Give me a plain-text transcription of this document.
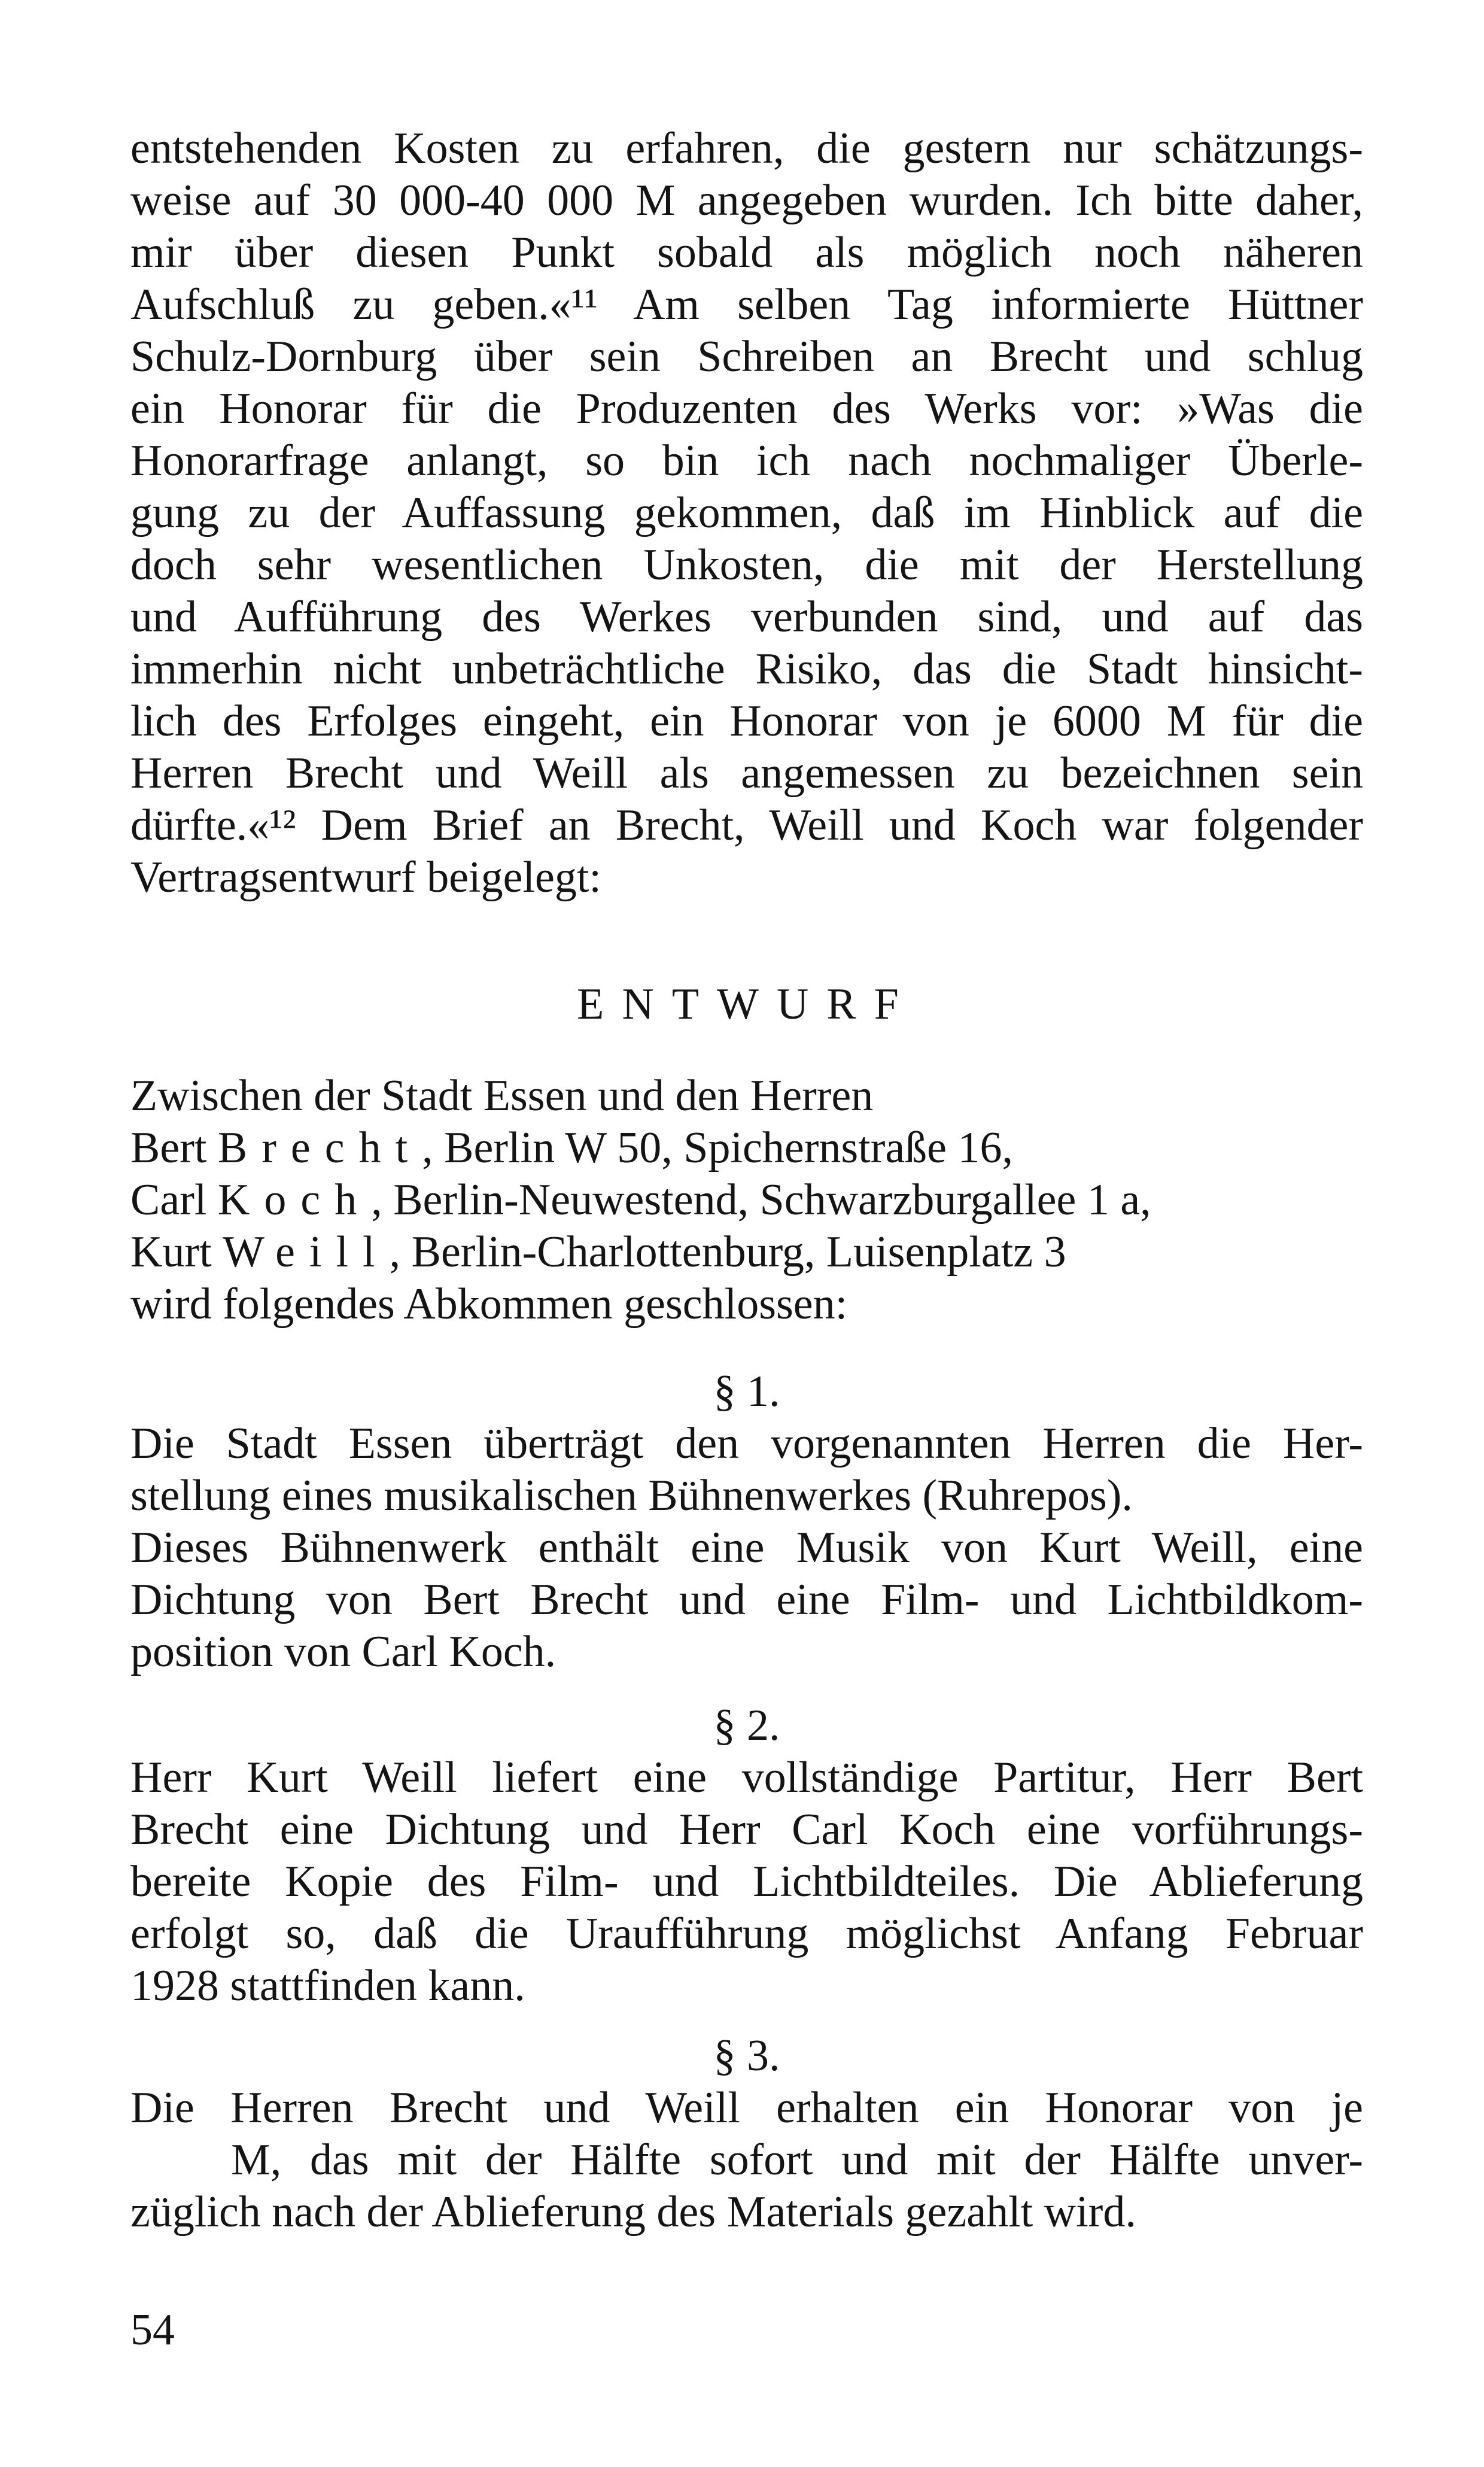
entstehenden Kosten zu erfahren, die gestern nur schätzungs-
weise auf 30 000-40 000 M angegeben wurden. Ich bitte daher,
mir über diesen Punkt sobald als möglich noch näheren
Aufschluß zu geben.«¹¹ Am selben Tag informierte Hüttner
Schulz-Dornburg über sein Schreiben an Brecht und schlug
ein Honorar für die Produzenten des Werks vor: »Was die
Honorarfrage anlangt, so bin ich nach nochmaliger Überle-
gung zu der Auffassung gekommen, daß im Hinblick auf die
doch sehr wesentlichen Unkosten, die mit der Herstellung
und Aufführung des Werkes verbunden sind, und auf das
immerhin nicht unbeträchtliche Risiko, das die Stadt hinsicht-
lich des Erfolges eingeht, ein Honorar von je 6000 M für die
Herren Brecht und Weill als angemessen zu bezeichnen sein
dürfte.«¹² Dem Brief an Brecht, Weill und Koch war folgender
Vertragsentwurf beigelegt:
ENTWURF
Zwischen der Stadt Essen und den Herren
Bert Brecht, Berlin W 50, Spichernstraße 16,
Carl Koch, Berlin-Neuwestend, Schwarzburgallee 1 a,
Kurt Weill, Berlin-Charlottenburg, Luisenplatz 3
wird folgendes Abkommen geschlossen:
§ 1.
Die Stadt Essen überträgt den vorgenannten Herren die Her-
stellung eines musikalischen Bühnenwerkes (Ruhrepos).
Dieses Bühnenwerk enthält eine Musik von Kurt Weill, eine
Dichtung von Bert Brecht und eine Film- und Lichtbildkom-
position von Carl Koch.
§ 2.
Herr Kurt Weill liefert eine vollständige Partitur, Herr Bert
Brecht eine Dichtung und Herr Carl Koch eine vorführungs-
bereite Kopie des Film- und Lichtbildteiles. Die Ablieferung
erfolgt so, daß die Uraufführung möglichst Anfang Februar
1928 stattfinden kann.
§ 3.
Die Herren Brecht und Weill erhalten ein Honorar von je
M, das mit der Hälfte sofort und mit der Hälfte unver-
züglich nach der Ablieferung des Materials gezahlt wird.
54
